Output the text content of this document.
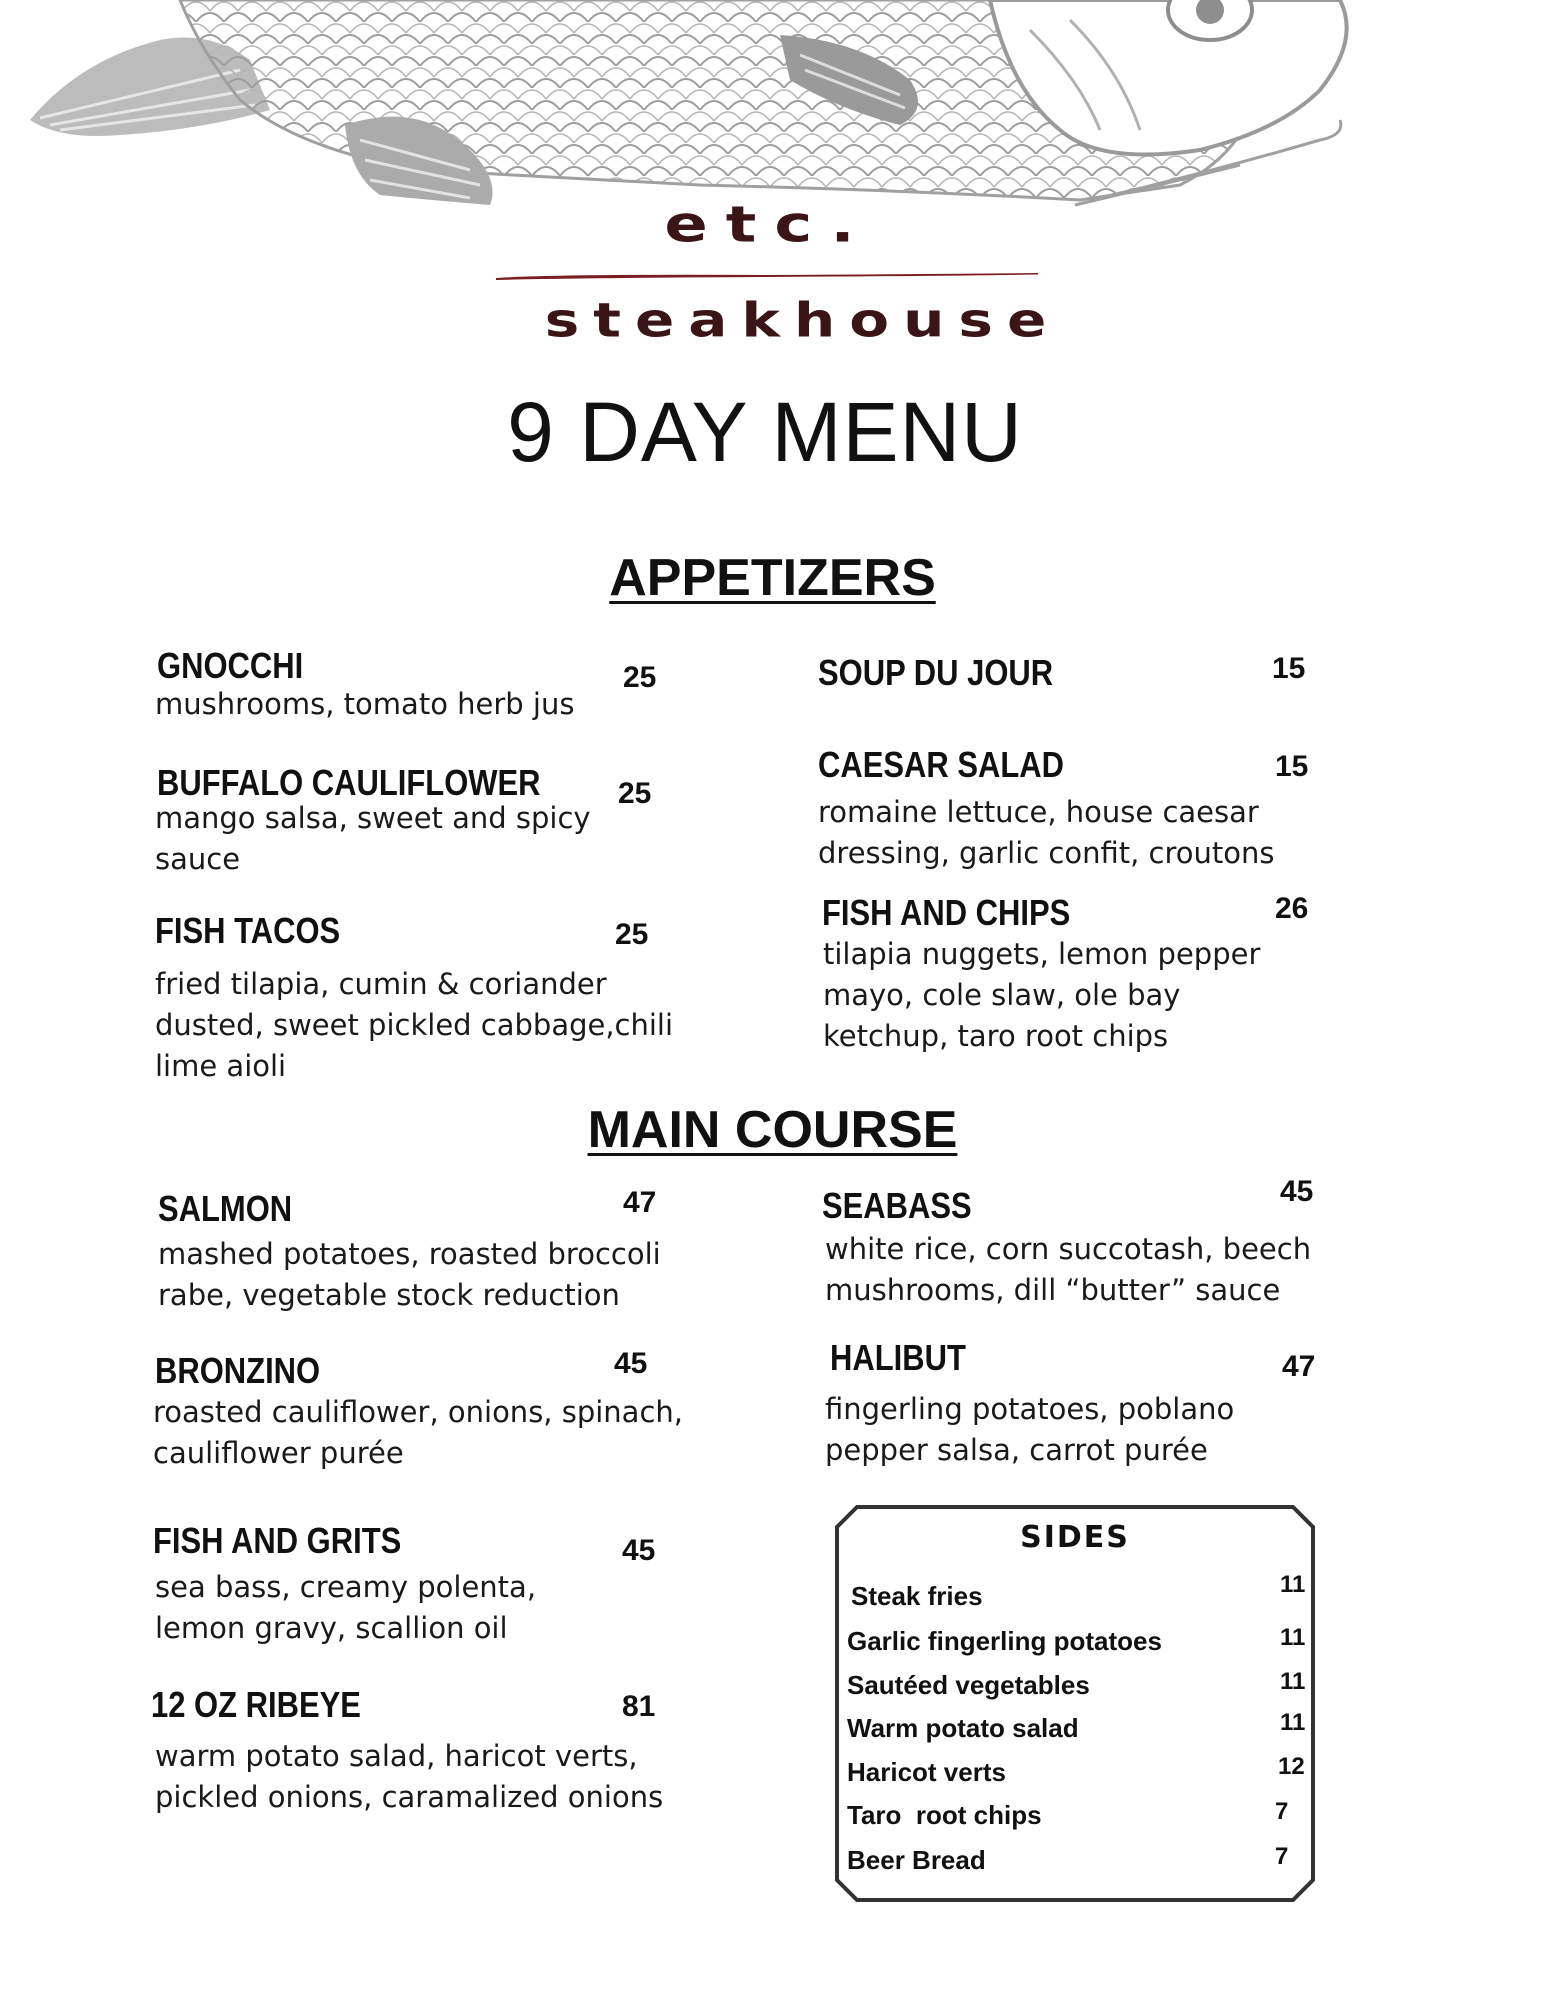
etc.
steakhouse
9 DAY MENU
APPETIZERS
GNOCCHI	25
mushrooms, tomato herb jus
BUFFALO CAULIFLOWER	25
mango salsa, sweet and spicy sauce
FISH TACOS	25
fried tilapia, cumin & coriander dusted, sweet pickled cabbage,chili lime aioli
SOUP DU JOUR	15
CAESAR SALAD	15
romaine lettuce, house caesar dressing, garlic confit, croutons
FISH AND CHIPS	26
tilapia nuggets, lemon pepper mayo, cole slaw, ole bay ketchup, taro root chips
MAIN COURSE
SALMON	47
mashed potatoes, roasted broccoli rabe, vegetable stock reduction
BRONZINO	45
roasted cauliflower, onions, spinach, cauliflower purée
FISH AND GRITS	45
sea bass, creamy polenta, lemon gravy, scallion oil
12 OZ RIBEYE	81
warm potato salad, haricot verts, pickled onions, caramalized onions
SEABASS	45
white rice, corn succotash, beech mushrooms, dill “butter” sauce
HALIBUT	47
fingerling potatoes, poblano pepper salsa, carrot purée
SIDES
Steak fries	11
Garlic fingerling potatoes	11
Sautéed vegetables	11
Warm potato salad	11
Haricot verts	12
Taro  root chips	7
Beer Bread	7
